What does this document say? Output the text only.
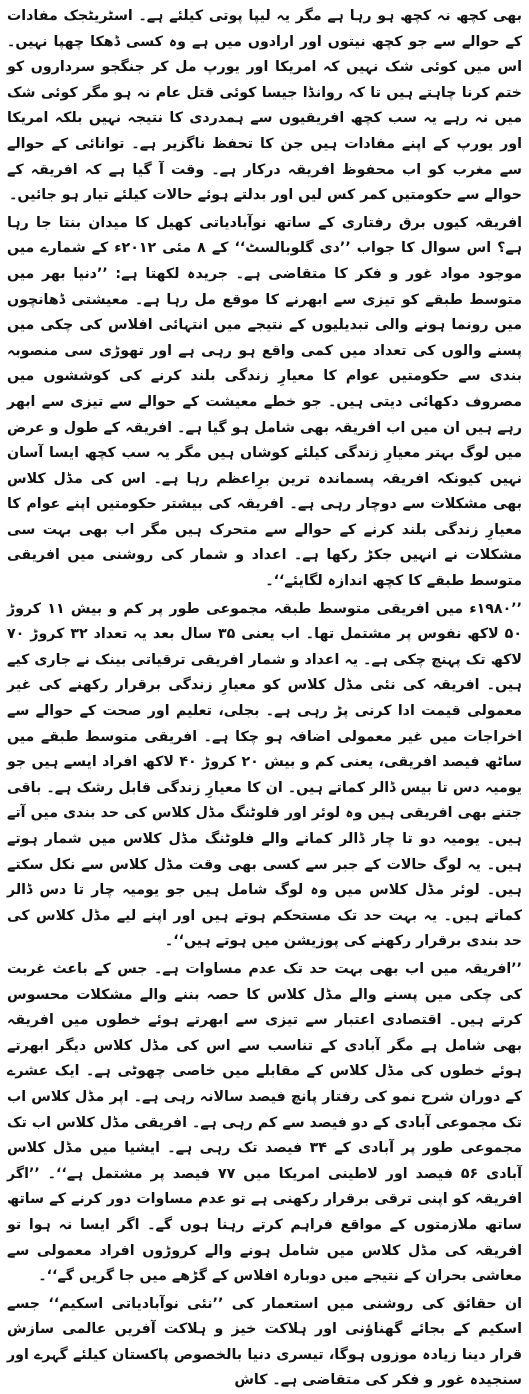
بھی کچھ نہ کچھ ہو رہا ہے مگر یہ لیپا پوتی کیلئے ہے۔ اسٹریٹجک مفادات کے حوالے سے جو کچھ نیتوں اور ارادوں میں ہے وہ کسی ڈھکا چھپا نہیں۔ اس میں کوئی شک نہیں کہ امریکا اور یورپ مل کر جنگجو سرداروں کو ختم کرنا چاہتے ہیں تا کہ روانڈا جیسا کوئی قتل عام نہ ہو مگر کوئی شک میں نہ رہے یہ سب کچھ افریقیوں سے ہمدردی کا نتیجہ نہیں بلکہ امریکا اور یورپ کے اپنے مفادات ہیں جن کا تحفظ ناگزیر ہے۔ توانائی کے حوالے سے مغرب کو اب محفوظ افریقہ درکار ہے۔ وقت آ گیا ہے کہ افریقہ کے حوالے سے حکومتیں کمر کس لیں اور بدلتے ہوئے حالات کیلئے تیار ہو جائیں۔

افریقہ کیوں برق رفتاری کے ساتھ نوآبادیاتی کھیل کا میدان بنتا جا رہا ہے؟ اس سوال کا جواب ’’دی گلوبالسٹ‘‘ کے ۸ مئی ۲۰۱۲ء کے شمارے میں موجود مواد غور و فکر کا متقاضی ہے۔ جریدہ لکھتا ہے: ’’دنیا بھر میں متوسط طبقے کو تیزی سے ابھرنے کا موقع مل رہا ہے۔ معیشتی ڈھانچوں میں رونما ہونے والی تبدیلیوں کے نتیجے میں انتہائی افلاس کی چکی میں پسنے والوں کی تعداد میں کمی واقع ہو رہی ہے اور تھوڑی سی منصوبہ بندی سے حکومتیں عوام کا معیارِ زندگی بلند کرنے کی کوششوں میں مصروف دکھائی دیتی ہیں۔ جو خطے معیشت کے حوالے سے تیزی سے ابھر رہے ہیں ان میں اب افریقہ بھی شامل ہو گیا ہے۔ افریقہ کے طول و عرض میں لوگ بہتر معیارِ زندگی کیلئے کوشاں ہیں مگر یہ سب کچھ ایسا آسان نہیں کیونکہ افریقہ پسماندہ ترین برِاعظم رہا ہے۔ اس کی مڈل کلاس بھی مشکلات سے دوچار رہی ہے۔ افریقہ کی بیشتر حکومتیں اپنے عوام کا معیارِ زندگی بلند کرنے کے حوالے سے متحرک ہیں مگر اب بھی بہت سی مشکلات نے انہیں جکڑ رکھا ہے۔ اعداد و شمار کی روشنی میں افریقی متوسط طبقے کا کچھ اندازہ لگایئے‘‘۔

’’۱۹۸۰ء میں افریقی متوسط طبقہ مجموعی طور پر کم و بیش ۱۱ کروڑ ۵۰ لاکھ نفوس پر مشتمل تھا۔ اب یعنی ۳۵ سال بعد یہ تعداد ۳۲ کروڑ ۷۰ لاکھ تک پہنچ چکی ہے۔ یہ اعداد و شمار افریقی ترقیاتی بینک نے جاری کیے ہیں۔ افریقہ کی نئی مڈل کلاس کو معیارِ زندگی برقرار رکھنے کی غیر معمولی قیمت ادا کرنی پڑ رہی ہے۔ بجلی، تعلیم اور صحت کے حوالے سے اخراجات میں غیر معمولی اضافہ ہو چکا ہے۔ افریقی متوسط طبقے میں ساٹھ فیصد افریقی، یعنی کم و بیش ۲۰ کروڑ ۴۰ لاکھ افراد ایسے ہیں جو یومیہ دس تا بیس ڈالر کماتے ہیں۔ ان کا معیارِ زندگی قابل رشک ہے۔ باقی جتنے بھی افریقی ہیں وہ لوئر اور فلوٹنگ مڈل کلاس کی حد بندی میں آتے ہیں۔ یومیہ دو تا چار ڈالر کمانے والے فلوٹنگ مڈل کلاس میں شمار ہوتے ہیں۔ یہ لوگ حالات کے جبر سے کسی بھی وقت مڈل کلاس سے نکل سکتے ہیں۔ لوئر مڈل کلاس میں وہ لوگ شامل ہیں جو یومیہ چار تا دس ڈالر کماتے ہیں۔ یہ بہت حد تک مستحکم ہوتے ہیں اور اپنے لیے مڈل کلاس کی حد بندی برقرار رکھنے کی پوزیشن میں ہوتے ہیں‘‘۔

’’افریقہ میں اب بھی بہت حد تک عدم مساوات ہے۔ جس کے باعث غربت کی چکی میں پسنے والے مڈل کلاس کا حصہ بننے والے مشکلات محسوس کرتے ہیں۔ اقتصادی اعتبار سے تیزی سے ابھرتے ہوئے خطوں میں افریقہ بھی شامل ہے مگر آبادی کے تناسب سے اس کی مڈل کلاس دیگر ابھرتے ہوئے خطوں کی مڈل کلاس کے مقابلے میں خاصی چھوٹی ہے۔ ایک عشرے کے دوران شرح نمو کی رفتار پانچ فیصد سالانہ رہی ہے۔ اپر مڈل کلاس اب تک مجموعی آبادی کے دو فیصد سے کم رہی ہے۔ افریقی مڈل کلاس اب تک مجموعی طور پر آبادی کے ۳۴ فیصد تک رہی ہے۔ ایشیا میں مڈل کلاس آبادی ۵۶ فیصد اور لاطینی امریکا میں ۷۷ فیصد پر مشتمل ہے‘‘۔ ’’اگر افریقہ کو اپنی ترقی برقرار رکھنی ہے تو عدم مساوات دور کرنے کے ساتھ ساتھ ملازمتوں کے مواقع فراہم کرتے رہنا ہوں گے۔ اگر ایسا نہ ہوا تو افریقہ کی مڈل کلاس میں شامل ہونے والے کروڑوں افراد معمولی سے معاشی بحران کے نتیجے میں دوبارہ افلاس کے گڑھے میں جا گریں گے‘‘۔

ان حقائق کی روشنی میں استعمار کی ’’نئی نوآبادیاتی اسکیم‘‘ جسے اسکیم کے بجائے گھناؤنی اور ہلاکت خیز و ہلاکت آفریں عالمی سازش قرار دینا زیادہ موزوں ہوگا، تیسری دنیا بالخصوص پاکستان کیلئے گہرے اور سنجیدہ غور و فکر کی متقاضی ہے۔ کاش
